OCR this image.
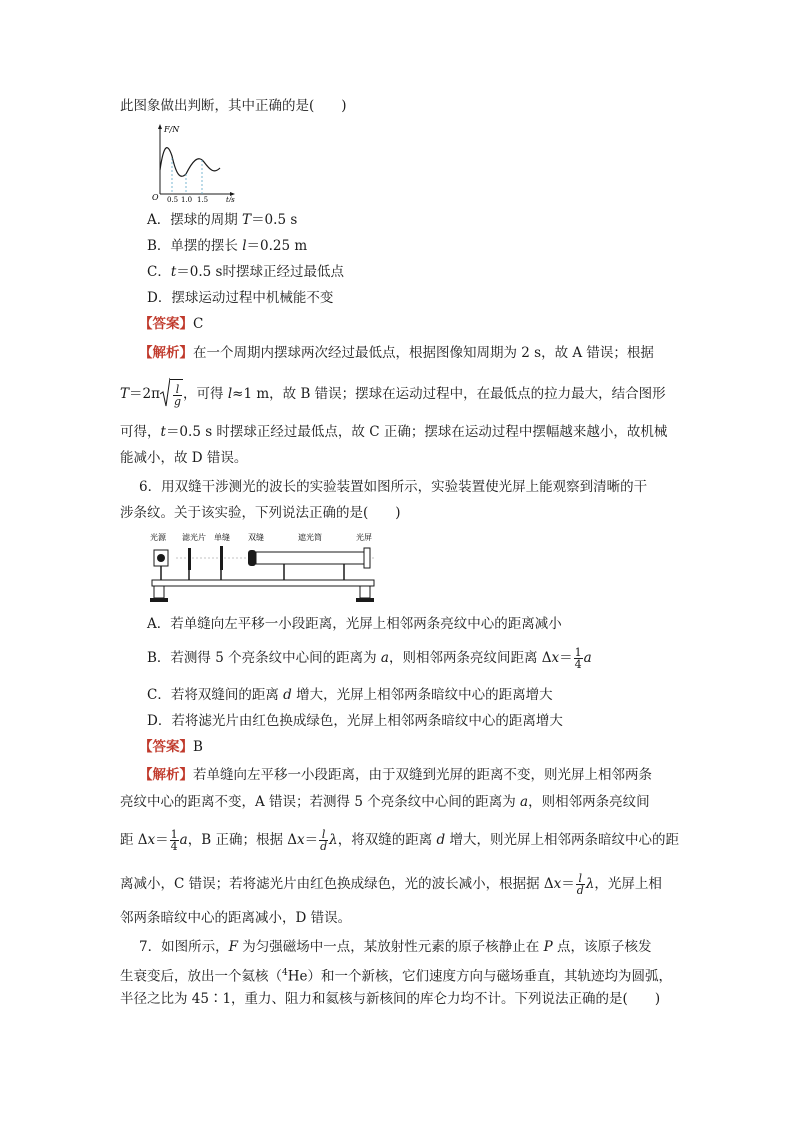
此图象做出判断，其中正确的是(　　)
F/N
O 0.5 1.0 1.5	t/s
A．摆球的周期 T＝0.5 s
B．单摆的摆长 l＝0.25 m
C．t＝0.5 s时摆球正经过最低点
D．摆球运动过程中机械能不变
【答案】C
【解析】在一个周期内摆球两次经过最低点，根据图像知周期为 2 s，故 A 错误；根据
$T=2\pi \frac{l}{g}$ ，可得 l≈1 m，故 B 错误；摆球在运动过程中，在最低点的拉力最大，结合图形
可得，t＝0.5 s 时摆球正经过最低点，故 C 正确；摆球在运动过程中摆幅越来越小，故机械
能减小，故 D 错误。
6．用双缝干涉测光的波长的实验装置如图所示，实验装置使光屏上能观察到清晰的干
涉条纹。关于该实验，下列说法正确的是(　　)
光源 滤光片 单缝 双缝	遮光筒	光屏
A．若单缝向左平移一小段距离，光屏上相邻两条亮纹中心的距离减小
B．若测得 5 个亮条纹中心间的距离为 a，则相邻两条亮纹间距离 $\Delta x= \frac{1}{4}$ a
C．若将双缝间的距离 d 增大，光屏上相邻两条暗纹中心的距离增大
D．若将滤光片由红色换成绿色，光屏上相邻两条暗纹中心的距离增大
【答案】B
【解析】若单缝向左平移一小段距离，由于双缝到光屏的距离不变，则光屏上相邻两条
亮纹中心的距离不变，A 错误；若测得 5 个亮条纹中心间的距离为 a，则相邻两条亮纹间
距 $\Delta x= \frac{1}{4}$ a，B 正确；根据 $\Delta x= \frac{l}{d}$ λ，将双缝的距离 d 增大，则光屏上相邻两条暗纹中心的距
离减小，C 错误；若将滤光片由红色换成绿色，光的波长减小，根据据 $\Delta x= \frac{l}{d}$ λ，光屏上相
邻两条暗纹中心的距离减小，D 错误。
7．如图所示，F 为匀强磁场中一点，某放射性元素的原子核静止在 P 点，该原子核发
生衰变后，放出一个氦核（$^4$He）和一个新核，它们速度方向与磁场垂直，其轨迹均为圆弧，
半径之比为 45∶1，重力、阻力和氦核与新核间的库仑力均不计。下列说法正确的是(　　)
